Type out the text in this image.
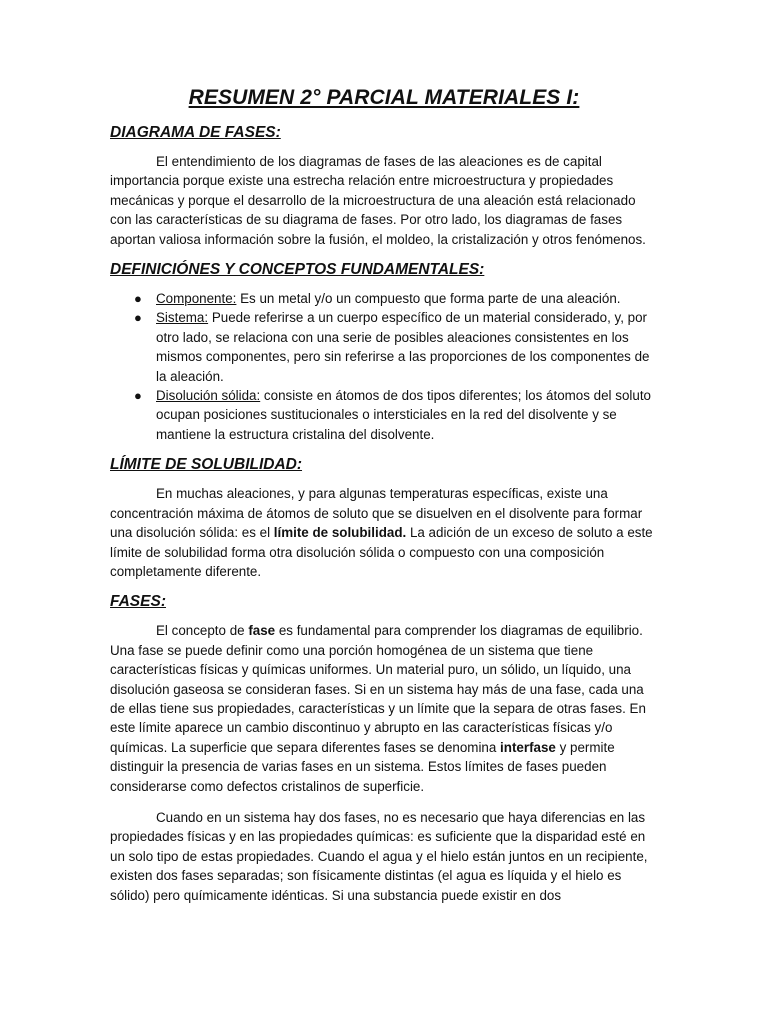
RESUMEN 2° PARCIAL MATERIALES I:
DIAGRAMA DE FASES:

El entendimiento de los diagramas de fases de las aleaciones es de capital importancia porque existe una estrecha relación entre microestructura y propiedades mecánicas y porque el desarrollo de la microestructura de una aleación está relacionado con las características de su diagrama de fases. Por otro lado, los diagramas de fases aportan valiosa información sobre la fusión, el moldeo, la cristalización y otros fenómenos.

DEFINICIÓNES Y CONCEPTOS FUNDAMENTALES:
● Componente: Es un metal y/o un compuesto que forma parte de una aleación.
● Sistema: Puede referirse a un cuerpo específico de un material considerado, y, por otro lado, se relaciona con una serie de posibles aleaciones consistentes en los mismos componentes, pero sin referirse a las proporciones de los componentes de la aleación.
● Disolución sólida: consiste en átomos de dos tipos diferentes; los átomos del soluto ocupan posiciones sustitucionales o intersticiales en la red del disolvente y se mantiene la estructura cristalina del disolvente.
LÍMITE DE SOLUBILIDAD:

En muchas aleaciones, y para algunas temperaturas específicas, existe una concentración máxima de átomos de soluto que se disuelven en el disolvente para formar una disolución sólida: es el límite de solubilidad. La adición de un exceso de soluto a este límite de solubilidad forma otra disolución sólida o compuesto con una composición completamente diferente.

FASES:

El concepto de fase es fundamental para comprender los diagramas de equilibrio. Una fase se puede definir como una porción homogénea de un sistema que tiene características físicas y químicas uniformes. Un material puro, un sólido, un líquido, una disolución gaseosa se consideran fases. Si en un sistema hay más de una fase, cada una de ellas tiene sus propiedades, características y un límite que la separa de otras fases. En este límite aparece un cambio discontinuo y abrupto en las características físicas y/o químicas. La superficie que separa diferentes fases se denomina interfase y permite distinguir la presencia de varias fases en un sistema. Estos límites de fases pueden considerarse como defectos cristalinos de superficie.

Cuando en un sistema hay dos fases, no es necesario que haya diferencias en las propiedades físicas y en las propiedades químicas: es suficiente que la disparidad esté en un solo tipo de estas propiedades. Cuando el agua y el hielo están juntos en un recipiente, existen dos fases separadas; son físicamente distintas (el agua es líquida y el hielo es sólido) pero químicamente idénticas. Si una substancia puede existir en dos
